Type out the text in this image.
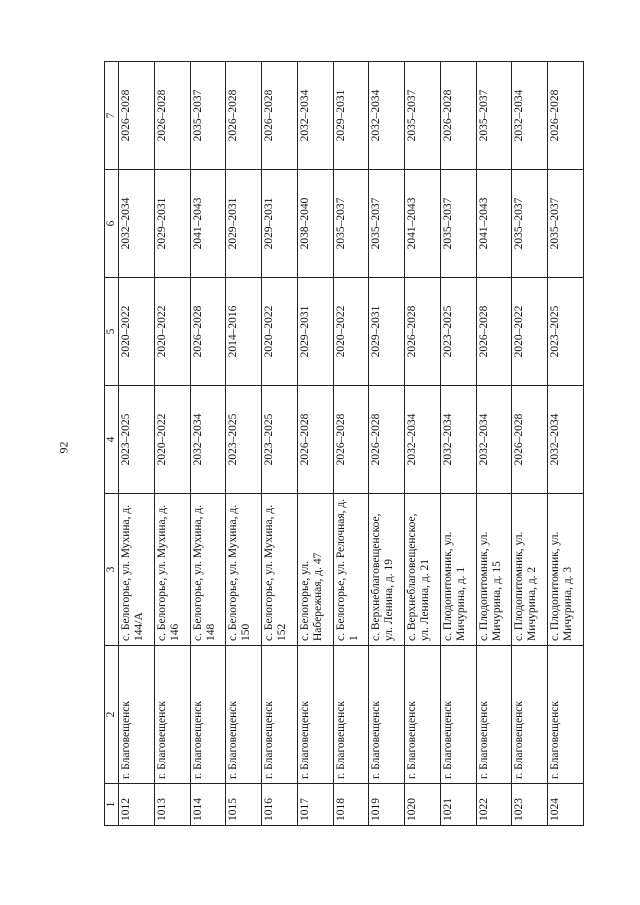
92
1	2	3	4	5	6	7
1012	г. Благовещенск	с. Белогорье, ул. Мухина, д. 144/А	2023–2025	2020–2022	2032–2034	2026–2028
1013	г. Благовещенск	с. Белогорье, ул. Мухина, д. 146	2020–2022	2020–2022	2029–2031	2026–2028
1014	г. Благовещенск	с. Белогорье, ул. Мухина, д. 148	2032–2034	2026–2028	2041–2043	2035–2037
1015	г. Благовещенск	с. Белогорье, ул. Мухина, д. 150	2023–2025	2014–2016	2029–2031	2026–2028
1016	г. Благовещенск	с. Белогорье, ул. Мухина, д. 152	2023–2025	2020–2022	2029–2031	2026–2028
1017	г. Благовещенск	с. Белогорье, ул. Набережная, д. 47	2026–2028	2029–2031	2038–2040	2032–2034
1018	г. Благовещенск	с. Белогорье, ул. Релочная, д. 1	2026–2028	2020–2022	2035–2037	2029–2031
1019	г. Благовещенск	с. Верхнеблаговещенское, ул. Ленина, д. 19	2026–2028	2029–2031	2035–2037	2032–2034
1020	г. Благовещенск	с. Верхнеблаговещенское, ул. Ленина, д. 21	2032–2034	2026–2028	2041–2043	2035–2037
1021	г. Благовещенск	с. Плодопитомник, ул. Мичурина, д. 1	2032–2034	2023–2025	2035–2037	2026–2028
1022	г. Благовещенск	с. Плодопитомник, ул. Мичурина, д. 15	2032–2034	2026–2028	2041–2043	2035–2037
1023	г. Благовещенск	с. Плодопитомник, ул. Мичурина, д. 2	2026–2028	2020–2022	2035–2037	2032–2034
1024	г. Благовещенск	с. Плодопитомник, ул. Мичурина, д. 3	2032–2034	2023–2025	2035–2037	2026–2028
